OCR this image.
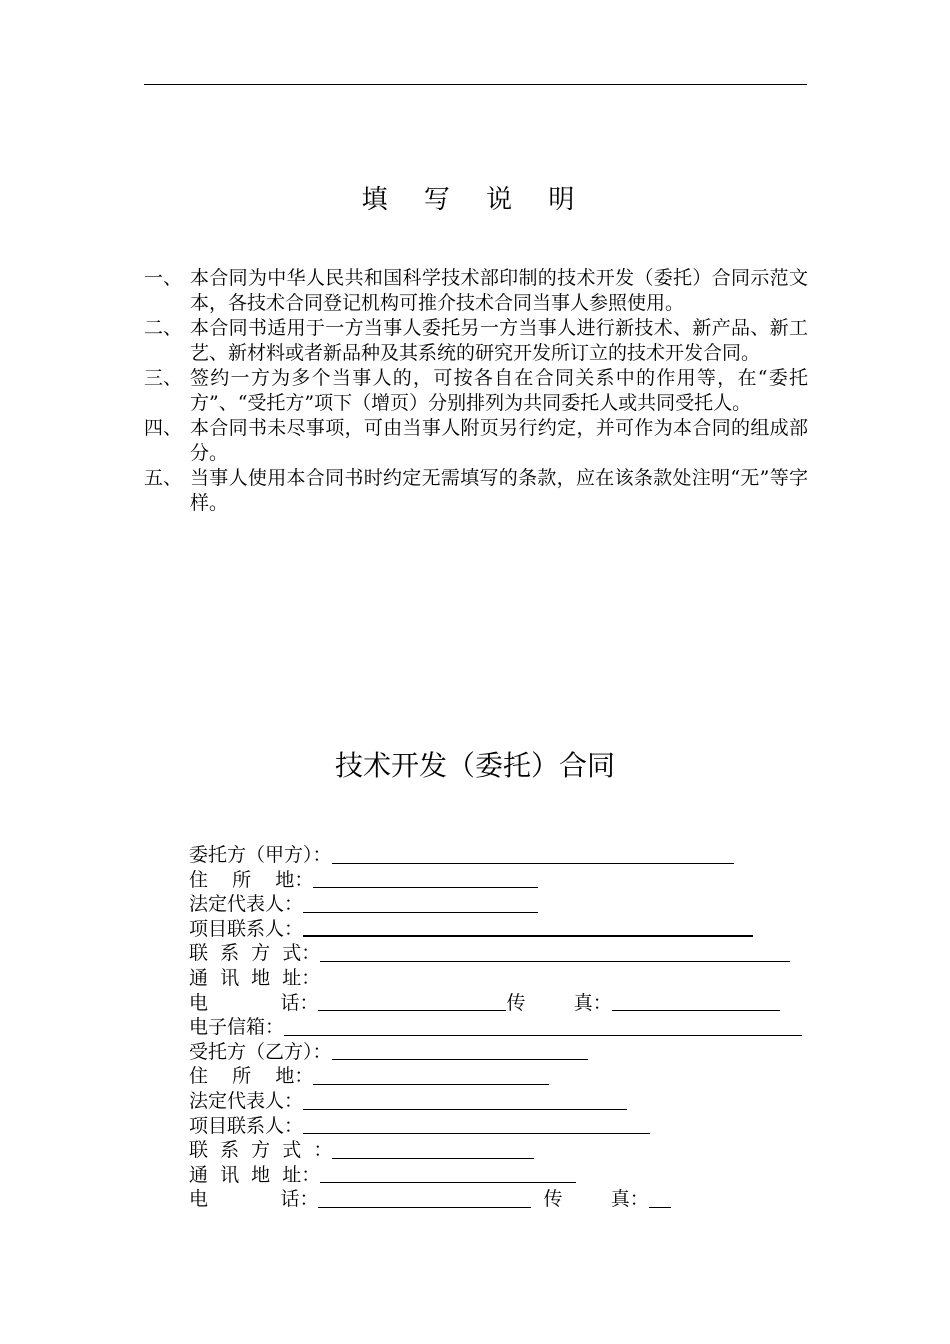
填 写 说 明
一、 本合同为中华人民共和国科学技术部印制的技术开发（委托）合同示范文本，各技术合同登记机构可推介技术合同当事人参照使用。
二、 本合同书适用于一方当事人委托另一方当事人进行新技术、新产品、新工艺、新材料或者新品种及其系统的研究开发所订立的技术开发合同。
三、 签约一方为多个当事人的，可按各自在合同关系中的作用等，在“委托方”、“受托方”项下（增页）分别排列为共同委托人或共同受托人。
四、 本合同书未尽事项，可由当事人附页另行约定，并可作为本合同的组成部分。
五、 当事人使用本合同书时约定无需填写的条款，应在该条款处注明“无”等字样。
技术开发（委托）合同
委托方（甲方）：
住    所    地：
法定代表人：
项目联系人：
联  系  方  式：
通  讯  地  址：
电            话：	传        真：
电子信箱：
受托方（乙方）：
住    所    地：
法定代表人：
项目联系人：
联  系  方  式  ：
通  讯  地  址：
电            话：	传        真：
